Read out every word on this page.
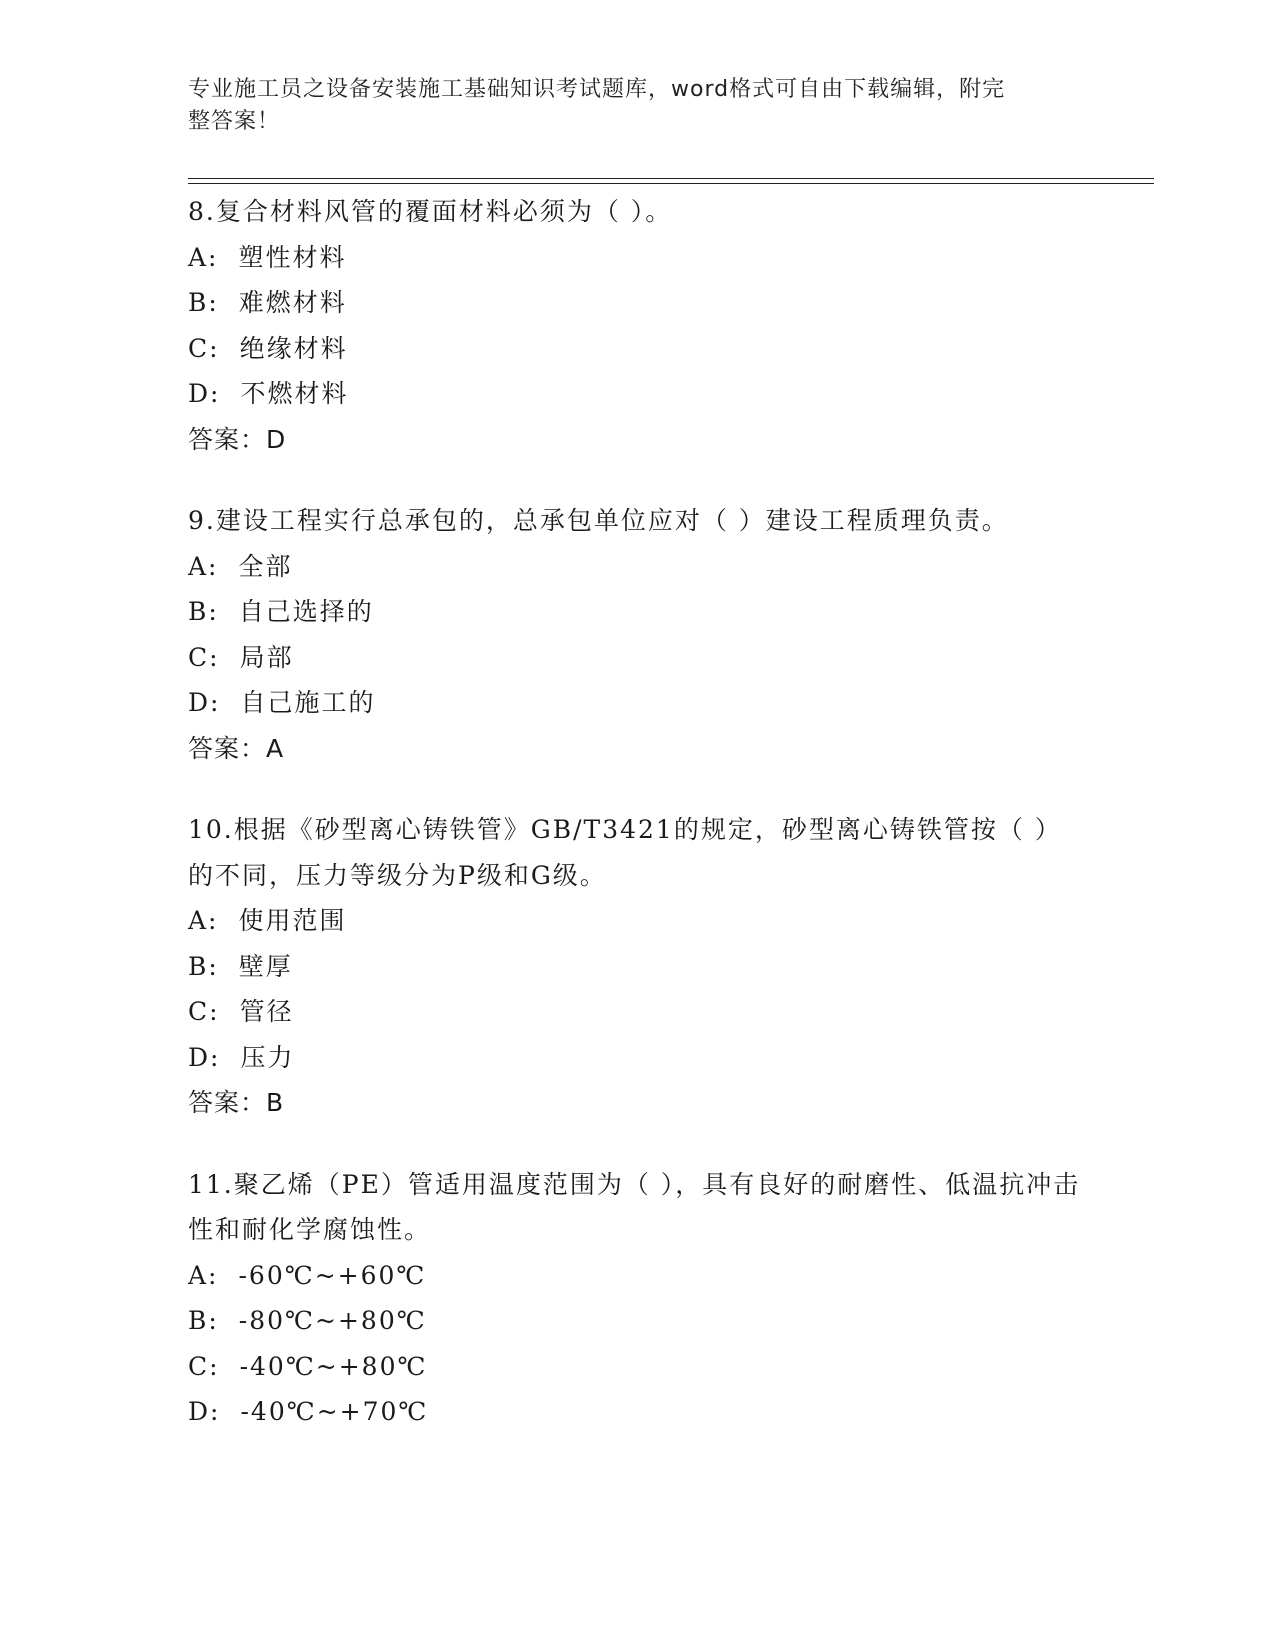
专业施工员之设备安装施工基础知识考试题库，word格式可自由下载编辑，附完
整答案！

8.复合材料风管的覆面材料必须为（ ）。

A: 塑性材料

B: 难燃材料

C: 绝缘材料

D: 不燃材料

答案：D

9.建设工程实行总承包的，总承包单位应对（ ）建设工程质理负责。

A: 全部

B: 自己选择的

C: 局部

D: 自己施工的

答案：A

10.根据《砂型离心铸铁管》GB/T3421的规定，砂型离心铸铁管按（ ）的不同，压力等级分为P级和G级。

A: 使用范围

B: 壁厚

C: 管径

D: 压力

答案：B

11.聚乙烯（PE）管适用温度范围为（ ），具有良好的耐磨性、低温抗冲击性和耐化学腐蚀性。

A: -60℃~+60℃

B: -80℃~+80℃

C: -40℃~+80℃

D: -40℃~+70℃
